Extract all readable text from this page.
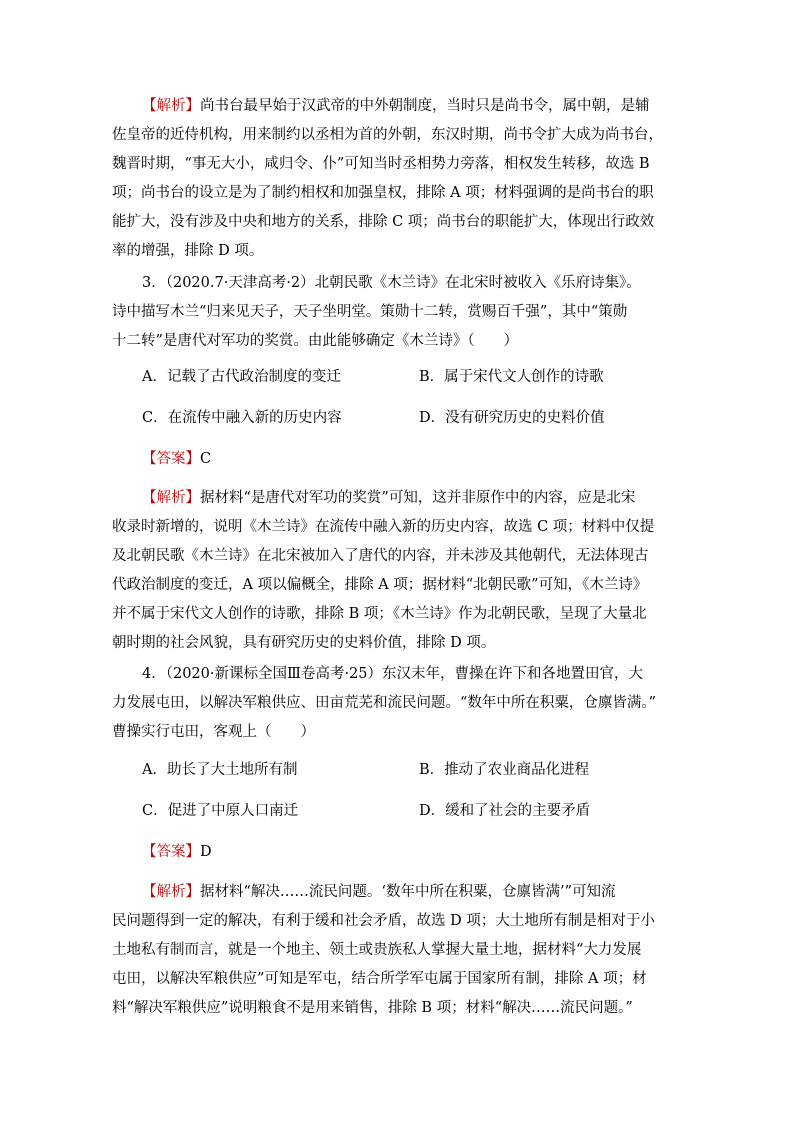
【解析】尚书台最早始于汉武帝的中外朝制度，当时只是尚书令，属中朝，是辅
佐皇帝的近侍机构，用来制约以丞相为首的外朝，东汉时期，尚书令扩大成为尚书台，
魏晋时期，“事无大小，咸归令、仆”可知当时丞相势力旁落，相权发生转移，故选 B
项；尚书台的设立是为了制约相权和加强皇权，排除 A 项；材料强调的是尚书台的职
能扩大，没有涉及中央和地方的关系，排除 C 项；尚书台的职能扩大，体现出行政效
率的增强，排除 D 项。
3．（2020.7·天津高考·2）北朝民歌《木兰诗》在北宋时被收入《乐府诗集》。
诗中描写木兰“归来见天子，天子坐明堂。策勋十二转，赏赐百千强”，其中“策勋
十二转”是唐代对军功的奖赏。由此能够确定《木兰诗》（　　）
A．记载了古代政治制度的变迁	B．属于宋代文人创作的诗歌
C．在流传中融入新的历史内容	D．没有研究历史的史料价值
【答案】C
【解析】据材料“是唐代对军功的奖赏”可知，这并非原作中的内容，应是北宋
收录时新增的，说明《木兰诗》在流传中融入新的历史内容，故选 C 项；材料中仅提
及北朝民歌《木兰诗》在北宋被加入了唐代的内容，并未涉及其他朝代，无法体现古
代政治制度的变迁，A 项以偏概全，排除 A 项；据材料“北朝民歌”可知，《木兰诗》
并不属于宋代文人创作的诗歌，排除 B 项；《木兰诗》作为北朝民歌，呈现了大量北
朝时期的社会风貌，具有研究历史的史料价值，排除 D 项。
4．（2020·新课标全国Ⅲ卷高考·25）东汉末年，曹操在许下和各地置田官，大
力发展屯田，以解决军粮供应、田亩荒芜和流民问题。“数年中所在积粟，仓廪皆满。”
曹操实行屯田，客观上（　　）
A．助长了大土地所有制	B．推动了农业商品化进程
C．促进了中原人口南迁	D．缓和了社会的主要矛盾
【答案】D
【解析】据材料“解决……流民问题。‘数年中所在积粟，仓廪皆满’”可知流
民问题得到一定的解决，有利于缓和社会矛盾，故选 D 项；大土地所有制是相对于小
土地私有制而言，就是一个地主、领土或贵族私人掌握大量土地，据材料“大力发展
屯田，以解决军粮供应”可知是军屯，结合所学军屯属于国家所有制，排除 A 项；材
料“解决军粮供应”说明粮食不是用来销售，排除 B 项；材料“解决……流民问题。”
